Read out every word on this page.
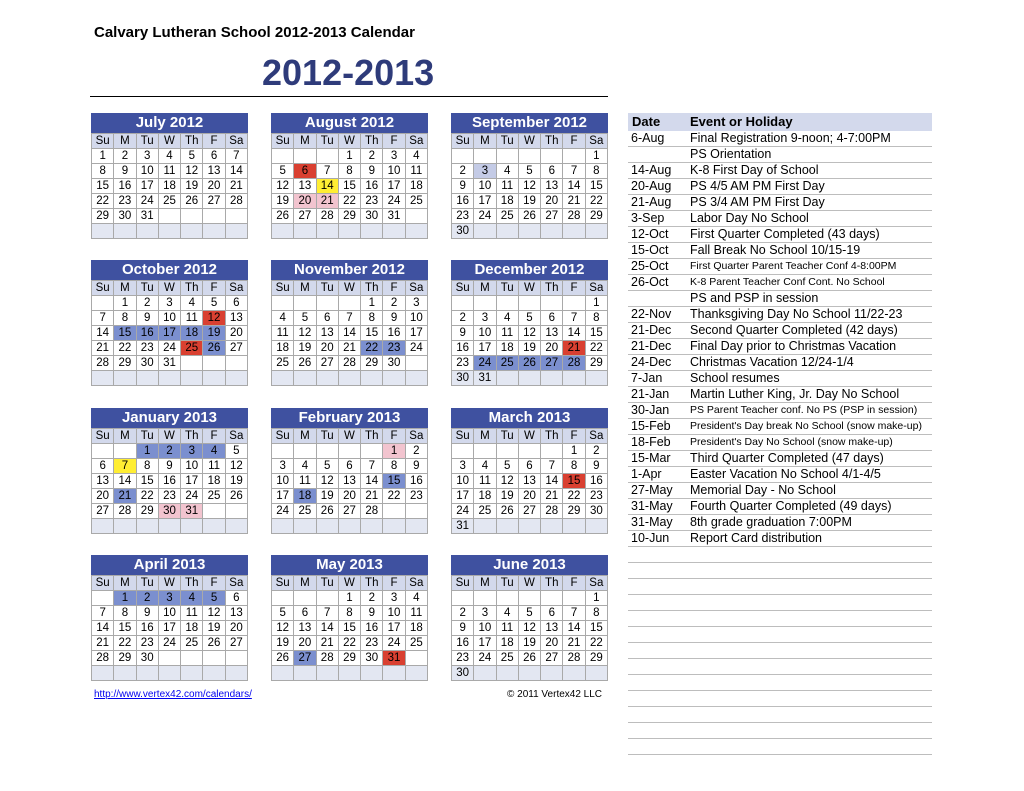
Calvary Lutheran School 2012-2013 Calendar
2012-2013
July 2012
Su	M	Tu	W	Th	F	Sa
1	2	3	4	5	6	7
8	9	10	11	12	13	14
15	16	17	18	19	20	21
22	23	24	25	26	27	28
29	30	31				

August 2012
Su	M	Tu	W	Th	F	Sa
			1	2	3	4
5	6	7	8	9	10	11
12	13	14	15	16	17	18
19	20	21	22	23	24	25
26	27	28	29	30	31	

September 2012
Su	M	Tu	W	Th	F	Sa
						1
2	3	4	5	6	7	8
9	10	11	12	13	14	15
16	17	18	19	20	21	22
23	24	25	26	27	28	29
30						
October 2012
Su	M	Tu	W	Th	F	Sa
	1	2	3	4	5	6
7	8	9	10	11	12	13
14	15	16	17	18	19	20
21	22	23	24	25	26	27
28	29	30	31			

November 2012
Su	M	Tu	W	Th	F	Sa
				1	2	3
4	5	6	7	8	9	10
11	12	13	14	15	16	17
18	19	20	21	22	23	24
25	26	27	28	29	30	

December 2012
Su	M	Tu	W	Th	F	Sa
						1
2	3	4	5	6	7	8
9	10	11	12	13	14	15
16	17	18	19	20	21	22
23	24	25	26	27	28	29
30	31					
January 2013
Su	M	Tu	W	Th	F	Sa
		1	2	3	4	5
6	7	8	9	10	11	12
13	14	15	16	17	18	19
20	21	22	23	24	25	26
27	28	29	30	31		

February 2013
Su	M	Tu	W	Th	F	Sa
					1	2
3	4	5	6	7	8	9
10	11	12	13	14	15	16
17	18	19	20	21	22	23
24	25	26	27	28		

March 2013
Su	M	Tu	W	Th	F	Sa
					1	2
3	4	5	6	7	8	9
10	11	12	13	14	15	16
17	18	19	20	21	22	23
24	25	26	27	28	29	30
31						
April 2013
Su	M	Tu	W	Th	F	Sa
	1	2	3	4	5	6
7	8	9	10	11	12	13
14	15	16	17	18	19	20
21	22	23	24	25	26	27
28	29	30				

May 2013
Su	M	Tu	W	Th	F	Sa
			1	2	3	4
5	6	7	8	9	10	11
12	13	14	15	16	17	18
19	20	21	22	23	24	25
26	27	28	29	30	31	

June 2013
Su	M	Tu	W	Th	F	Sa
						1
2	3	4	5	6	7	8
9	10	11	12	13	14	15
16	17	18	19	20	21	22
23	24	25	26	27	28	29
30						
Date Event or Holiday
6-Aug Final Registration 9-noon; 4-7:00PM
PS Orientation
14-Aug K-8 First Day of School
20-Aug PS 4/5 AM PM First Day
21-Aug PS 3/4 AM PM First Day
3-Sep Labor Day No School
12-Oct First Quarter Completed (43 days)
15-Oct Fall Break No School 10/15-19
25-Oct First Quarter Parent Teacher Conf 4-8:00PM
26-Oct K-8 Parent Teacher Conf Cont. No School
PS and PSP in session
22-Nov Thanksgiving Day No School 11/22-23
21-Dec Second Quarter Completed (42 days)
21-Dec Final Day prior to Christmas Vacation
24-Dec Christmas Vacation 12/24-1/4
7-Jan School resumes
21-Jan Martin Luther King, Jr. Day No School
30-Jan PS Parent Teacher conf. No PS (PSP in session)
15-Feb President's Day break No School (snow make-up)
18-Feb President's Day No School (snow make-up)
15-Mar Third Quarter Completed (47 days)
1-Apr Easter Vacation No School 4/1-4/5
27-May Memorial Day - No School
31-May Fourth Quarter Completed (49 days)
31-May 8th grade graduation 7:00PM
10-Jun Report Card distribution
http://www.vertex42.com/calendars/	© 2011 Vertex42 LLC
